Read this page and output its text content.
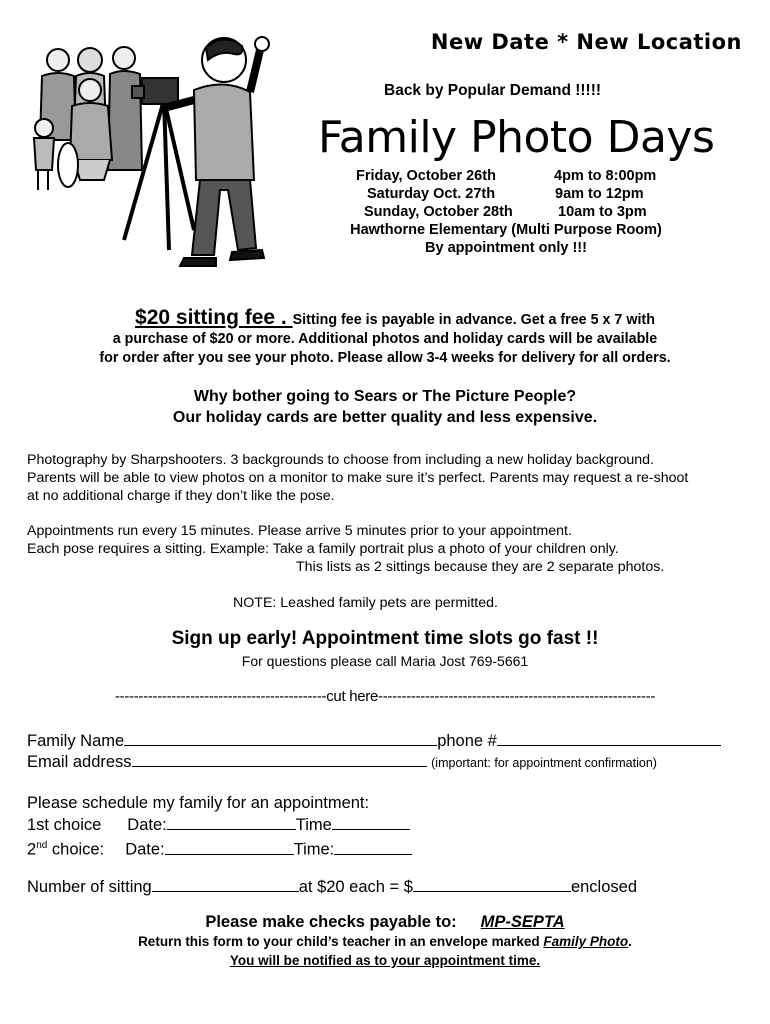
New Date * New Location
Back by Popular Demand !!!!!
Family Photo Days
Friday, October 26th	4pm to 8:00pm
Saturday Oct. 27th	9am to 12pm
Sunday, October 28th	10am to 3pm
Hawthorne Elementary (Multi Purpose Room)
By appointment only !!!
$20 sitting fee . Sitting fee is payable in advance. Get a free 5 x 7 with
a purchase of $20 or more. Additional photos and holiday cards will be available
for order after you see your photo. Please allow 3-4 weeks for delivery for all orders.
Why bother going to Sears or The Picture People?
Our holiday cards are better quality and less expensive.
Photography by Sharpshooters. 3 backgrounds to choose from including a new holiday background.
Parents will be able to view photos on a monitor to make sure it’s perfect. Parents may request a re-shoot
at no additional charge if they don’t like the pose.
Appointments run every 15 minutes. Please arrive 5 minutes prior to your appointment.
Each pose requires a sitting. Example: Take a family portrait plus a photo of your children only.
This lists as 2 sittings because they are 2 separate photos.
NOTE: Leashed family pets are permitted.
Sign up early! Appointment time slots go fast !!
For questions please call Maria Jost 769-5661
---------------------------------------------cut here-----------------------------------------------------------
Family Name	phone #
Email address	(important: for appointment confirmation)
Please schedule my family for an appointment:
1st choice Date:	Time
2nd choice: Date:	Time:
Number of sitting	at $20 each = $	enclosed
Please make checks payable to: MP-SEPTA
Return this form to your child’s teacher in an envelope marked Family Photo.
You will be notified as to your appointment time.
